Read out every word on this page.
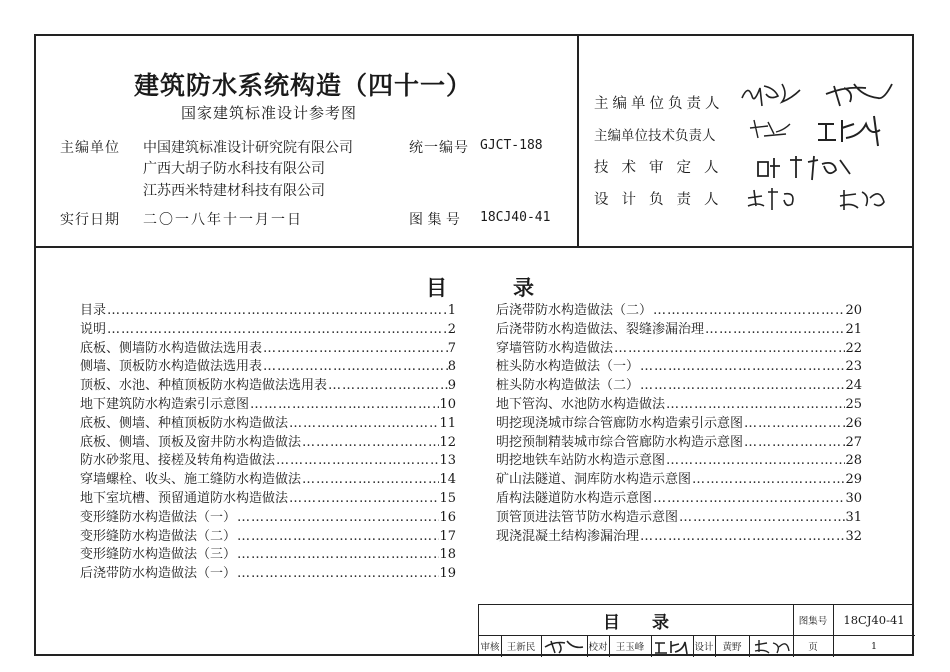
建筑防水系统构造（四十一）
国家建筑标准设计参考图
主编单位 中国建筑标准设计研究院有限公司
广西大胡子防水科技有限公司
江苏西米特建材科技有限公司
统一编号 GJCT-188
实行日期 二〇一八年十一月一日	图 集 号 18CJ40-41
主编单位负责人
主编单位技术负责人
技术审定人
设计负责人
目	录
目录 ……………………………………………………………………………………………………………………………………………………	1
说明 ……………………………………………………………………………………………………………………………………………………	2
底板、侧墙防水构造做法选用表 ……………………………………………………………………………………………………………………………………………………	7
侧墙、顶板防水构造做法选用表 ……………………………………………………………………………………………………………………………………………………	8
顶板、水池、种植顶板防水构造做法选用表 ……………………………………………………………………………………………………………………………………………………	9
地下建筑防水构造索引示意图 ……………………………………………………………………………………………………………………………………………………	10
底板、侧墙、种植顶板防水构造做法 ……………………………………………………………………………………………………………………………………………………	11
底板、侧墙、顶板及窗井防水构造做法 ……………………………………………………………………………………………………………………………………………………	12
防水砂浆甩、接槎及转角构造做法 ……………………………………………………………………………………………………………………………………………………	13
穿墙螺栓、收头、施工缝防水构造做法 ……………………………………………………………………………………………………………………………………………………	14
地下室坑槽、预留通道防水构造做法 ……………………………………………………………………………………………………………………………………………………	15
变形缝防水构造做法（一） ……………………………………………………………………………………………………………………………………………………	16
变形缝防水构造做法（二） ……………………………………………………………………………………………………………………………………………………	17
变形缝防水构造做法（三） ……………………………………………………………………………………………………………………………………………………	18
后浇带防水构造做法（一） ……………………………………………………………………………………………………………………………………………………	19
后浇带防水构造做法（二） ……………………………………………………………………………………………………………………………………………………	20
后浇带防水构造做法、裂缝渗漏治理 ……………………………………………………………………………………………………………………………………………………	21
穿墙管防水构造做法 ……………………………………………………………………………………………………………………………………………………	22
桩头防水构造做法（一） ……………………………………………………………………………………………………………………………………………………	23
桩头防水构造做法（二） ……………………………………………………………………………………………………………………………………………………	24
地下管沟、水池防水构造做法 ……………………………………………………………………………………………………………………………………………………	25
明挖现浇城市综合管廊防水构造索引示意图 ……………………………………………………………………………………………………………………………………………………	26
明挖预制精装城市综合管廊防水构造示意图 ……………………………………………………………………………………………………………………………………………………	27
明挖地铁车站防水构造示意图 ……………………………………………………………………………………………………………………………………………………	28
矿山法隧道、洞库防水构造示意图 ……………………………………………………………………………………………………………………………………………………	29
盾构法隧道防水构造示意图 ……………………………………………………………………………………………………………………………………………………	30
顶管顶进法管节防水构造示意图 ……………………………………………………………………………………………………………………………………………………	31
现浇混凝土结构渗漏治理 ……………………………………………………………………………………………………………………………………………………	32
目 录	图集号	18CJ40-41
审核 王新民	校对 王玉峰	设计 黄野	页	1
